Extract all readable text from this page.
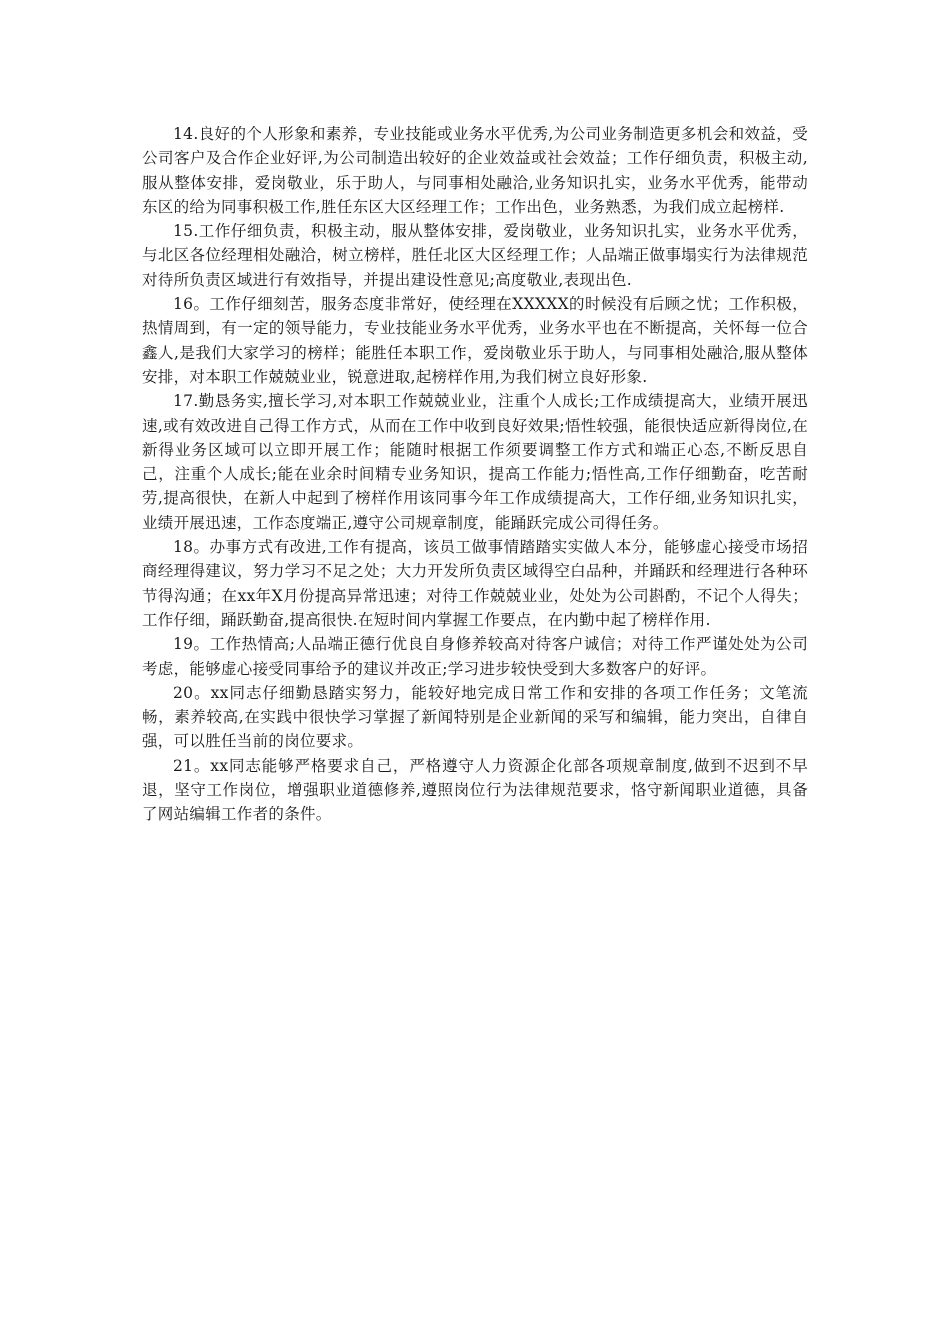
14.良好的个人形象和素养，专业技能或业务水平优秀,为公司业务制造更多机会和效益，受公司客户及合作企业好评,为公司制造出较好的企业效益或社会效益；工作仔细负责，积极主动,服从整体安排，爱岗敬业，乐于助人，与同事相处融洽,业务知识扎实，业务水平优秀，能带动东区的给为同事积极工作,胜任东区大区经理工作；工作出色，业务熟悉，为我们成立起榜样.

15.工作仔细负责，积极主动，服从整体安排，爱岗敬业，业务知识扎实，业务水平优秀，与北区各位经理相处融洽，树立榜样，胜任北区大区经理工作；人品端正做事塌实行为法律规范对待所负责区域进行有效指导，并提出建设性意见;高度敬业,表现出色.

16。工作仔细刻苦，服务态度非常好，使经理在XXXXX的时候没有后顾之忧；工作积极，热情周到，有一定的领导能力，专业技能业务水平优秀，业务水平也在不断提高，关怀每一位合鑫人,是我们大家学习的榜样；能胜任本职工作，爱岗敬业乐于助人，与同事相处融洽,服从整体安排，对本职工作兢兢业业，锐意进取,起榜样作用,为我们树立良好形象.

17.勤恳务实,擅长学习,对本职工作兢兢业业，注重个人成长;工作成绩提高大，业绩开展迅速,或有效改进自己得工作方式，从而在工作中收到良好效果;悟性较强，能很快适应新得岗位,在新得业务区域可以立即开展工作；能随时根据工作须要调整工作方式和端正心态,不断反思自己，注重个人成长;能在业余时间精专业务知识，提高工作能力;悟性高,工作仔细勤奋，吃苦耐劳,提高很快，在新人中起到了榜样作用该同事今年工作成绩提高大，工作仔细,业务知识扎实，业绩开展迅速，工作态度端正,遵守公司规章制度，能踊跃完成公司得任务。

18。办事方式有改进,工作有提高，该员工做事情踏踏实实做人本分，能够虚心接受市场招商经理得建议，努力学习不足之处；大力开发所负责区域得空白品种，并踊跃和经理进行各种环节得沟通；在xx年X月份提高异常迅速；对待工作兢兢业业，处处为公司斟酌，不记个人得失；工作仔细，踊跃勤奋,提高很快.在短时间内掌握工作要点，在内勤中起了榜样作用.

19。工作热情高;人品端正德行优良自身修养较高对待客户诚信；对待工作严谨处处为公司考虑，能够虚心接受同事给予的建议并改正;学习进步较快受到大多数客户的好评。

20。xx同志仔细勤恳踏实努力，能较好地完成日常工作和安排的各项工作任务；文笔流畅，素养较高,在实践中很快学习掌握了新闻特别是企业新闻的采写和编辑，能力突出，自律自强，可以胜任当前的岗位要求。

21。xx同志能够严格要求自己，严格遵守人力资源企化部各项规章制度,做到不迟到不早退，坚守工作岗位，增强职业道德修养,遵照岗位行为法律规范要求，恪守新闻职业道德，具备了网站编辑工作者的条件。
